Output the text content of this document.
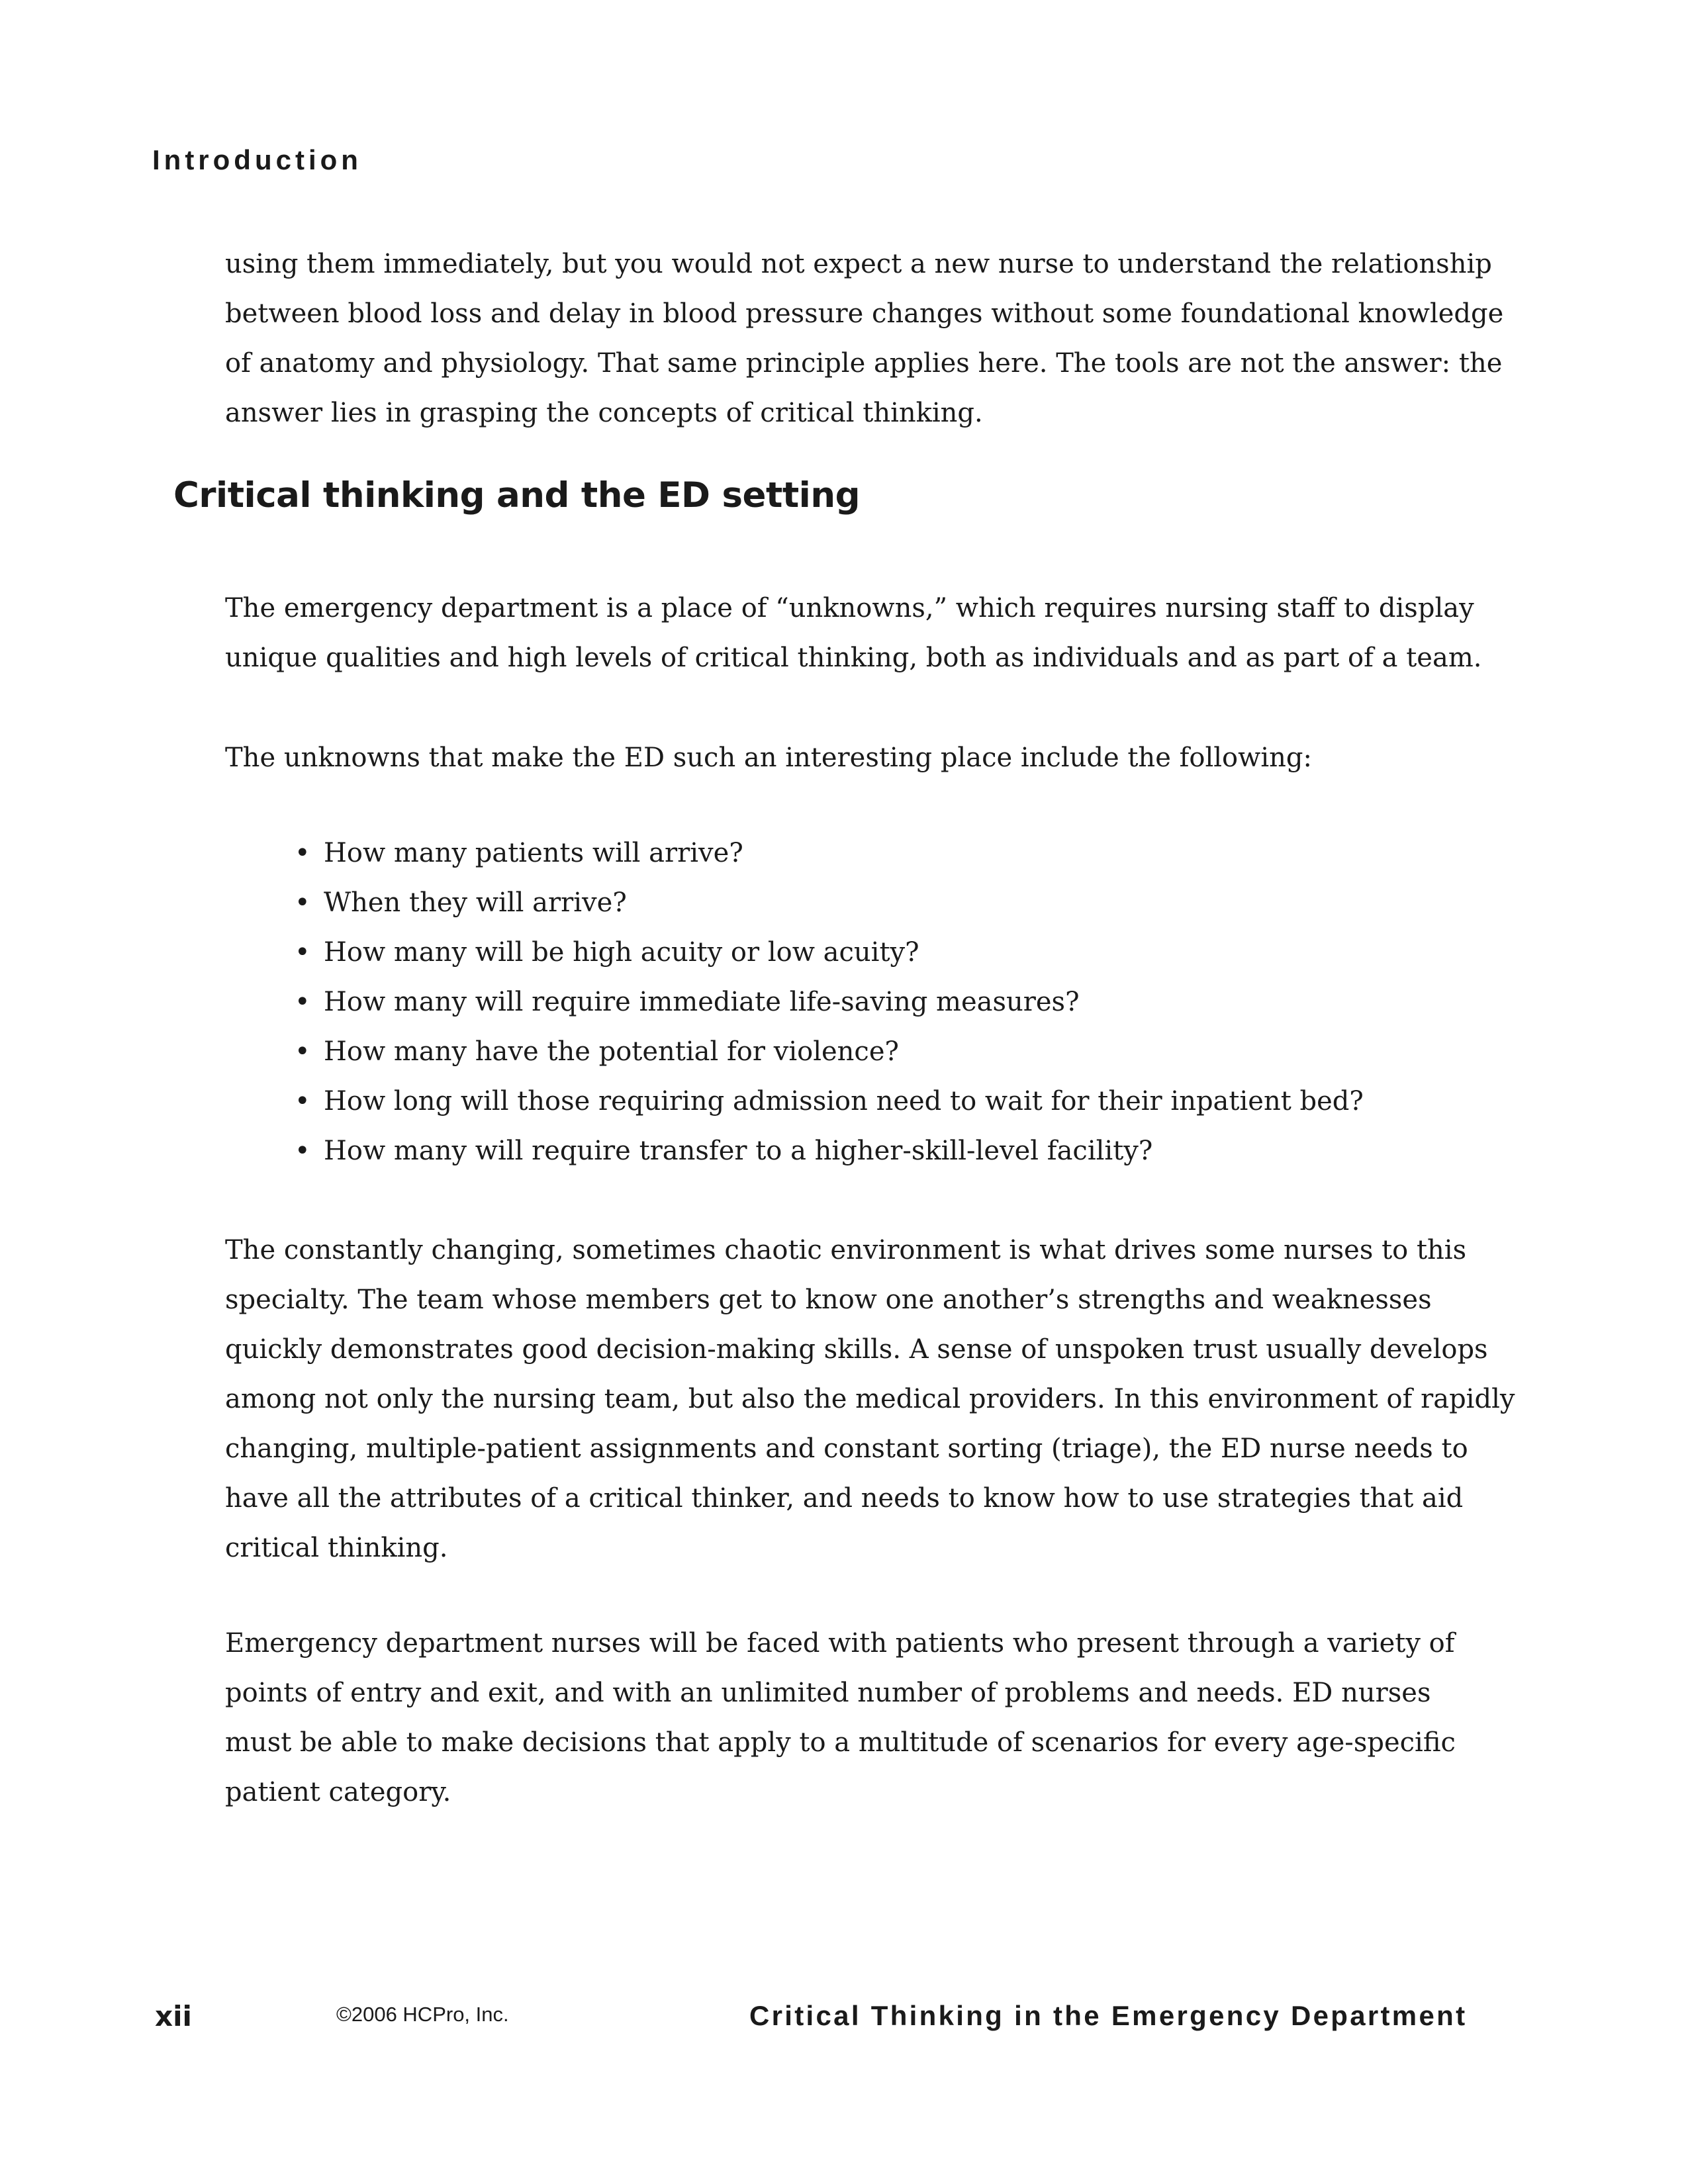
Introduction
using them immediately, but you would not expect a new nurse to understand the relationship
between blood loss and delay in blood pressure changes without some foundational knowledge
of anatomy and physiology. That same principle applies here. The tools are not the answer: the
answer lies in grasping the concepts of critical thinking.
Critical thinking and the ED setting
The emergency department is a place of “unknowns,” which requires nursing staff to display
unique qualities and high levels of critical thinking, both as individuals and as part of a team.
The unknowns that make the ED such an interesting place include the following:
• How many patients will arrive?
• When they will arrive?
• How many will be high acuity or low acuity?
• How many will require immediate life-saving measures?
• How many have the potential for violence?
• How long will those requiring admission need to wait for their inpatient bed?
• How many will require transfer to a higher-skill-level facility?
The constantly changing, sometimes chaotic environment is what drives some nurses to this
specialty. The team whose members get to know one another’s strengths and weaknesses
quickly demonstrates good decision-making skills. A sense of unspoken trust usually develops
among not only the nursing team, but also the medical providers. In this environment of rapidly
changing, multiple-patient assignments and constant sorting (triage), the ED nurse needs to
have all the attributes of a critical thinker, and needs to know how to use strategies that aid
critical thinking.
Emergency department nurses will be faced with patients who present through a variety of
points of entry and exit, and with an unlimited number of problems and needs. ED nurses
must be able to make decisions that apply to a multitude of scenarios for every age-specific
patient category.
xii	©2006 HCPro, Inc.	Critical Thinking in the Emergency Department
